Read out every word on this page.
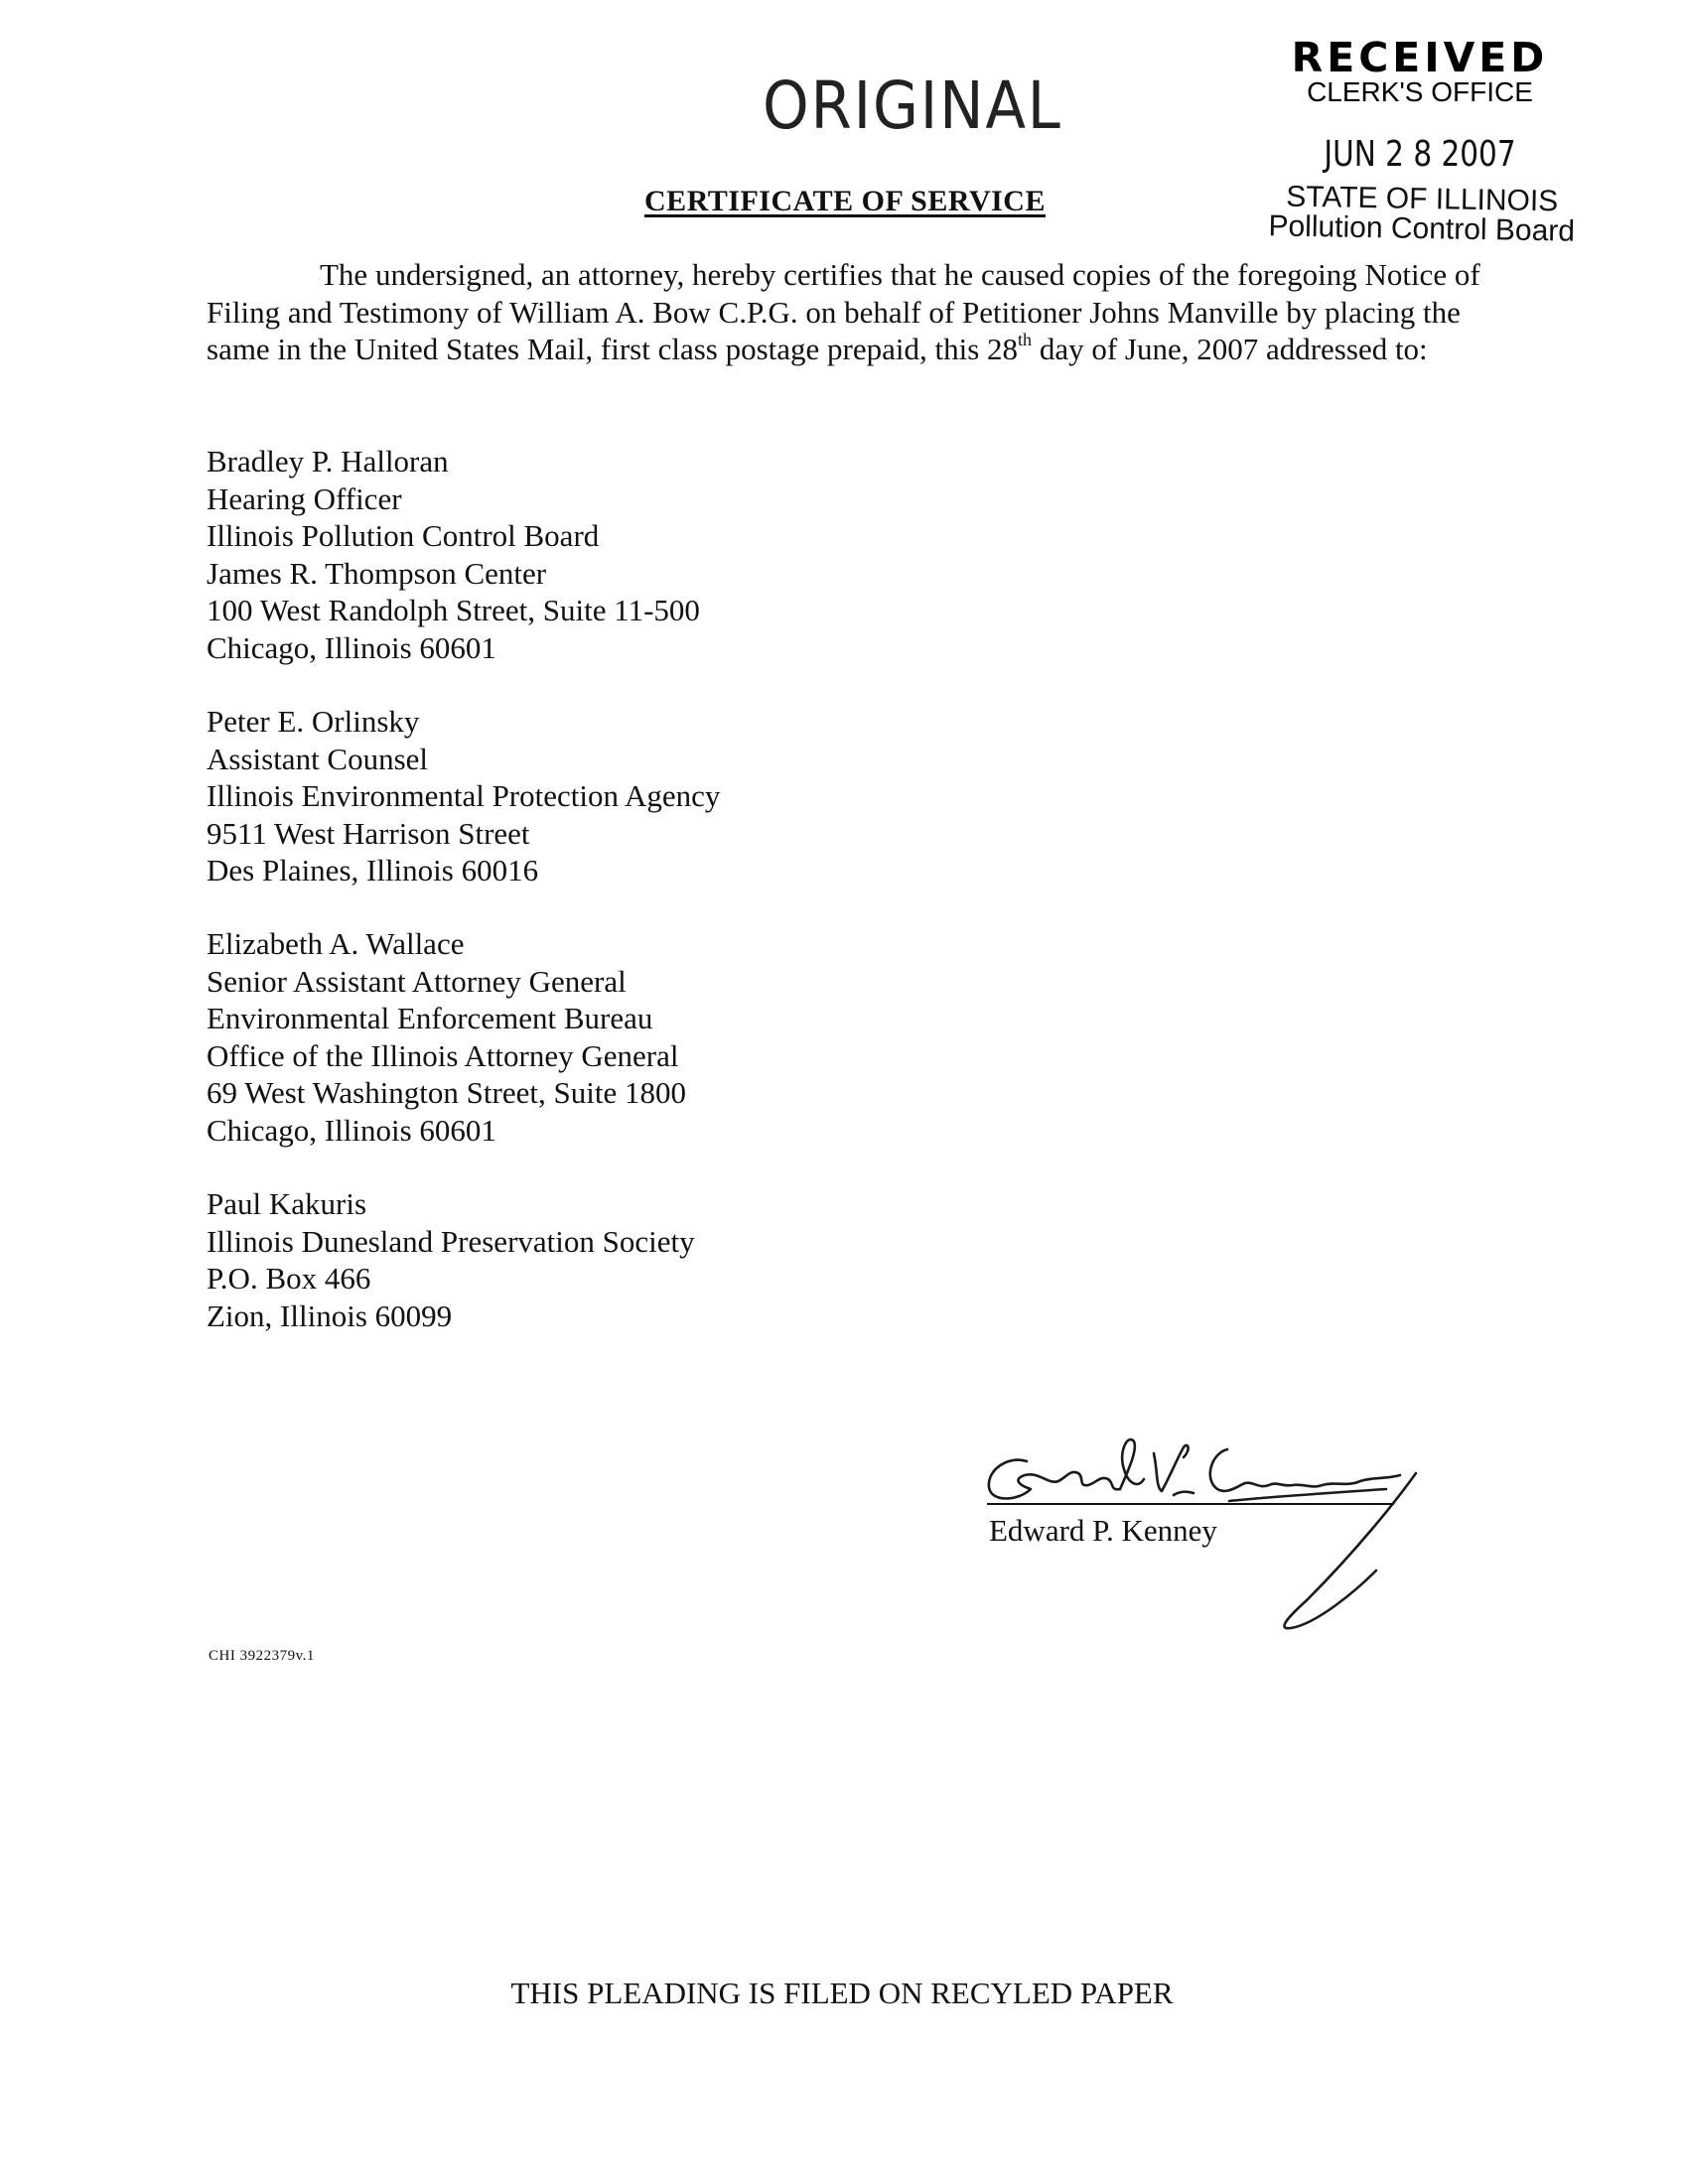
ORIGINAL
RECEIVED
CLERK'S OFFICE
JUN 2 8 2007
STATE OF ILLINOIS
Pollution Control Board
CERTIFICATE OF SERVICE

The undersigned, an attorney, hereby certifies that he caused copies of the foregoing Notice of Filing and Testimony of William A. Bow C.P.G. on behalf of Petitioner Johns Manville by placing the same in the United States Mail, first class postage prepaid, this 28th day of June, 2007 addressed to:

Bradley P. Halloran
Hearing Officer
Illinois Pollution Control Board
James R. Thompson Center
100 West Randolph Street, Suite 11-500
Chicago, Illinois 60601
Peter E. Orlinsky
Assistant Counsel
Illinois Environmental Protection Agency
9511 West Harrison Street
Des Plaines, Illinois 60016
Elizabeth A. Wallace
Senior Assistant Attorney General
Environmental Enforcement Bureau
Office of the Illinois Attorney General
69 West Washington Street, Suite 1800
Chicago, Illinois 60601
Paul Kakuris
Illinois Dunesland Preservation Society
P.O. Box 466
Zion, Illinois 60099
Edward P. Kenney
CHI 3922379v.1
THIS PLEADING IS FILED ON RECYLED PAPER
